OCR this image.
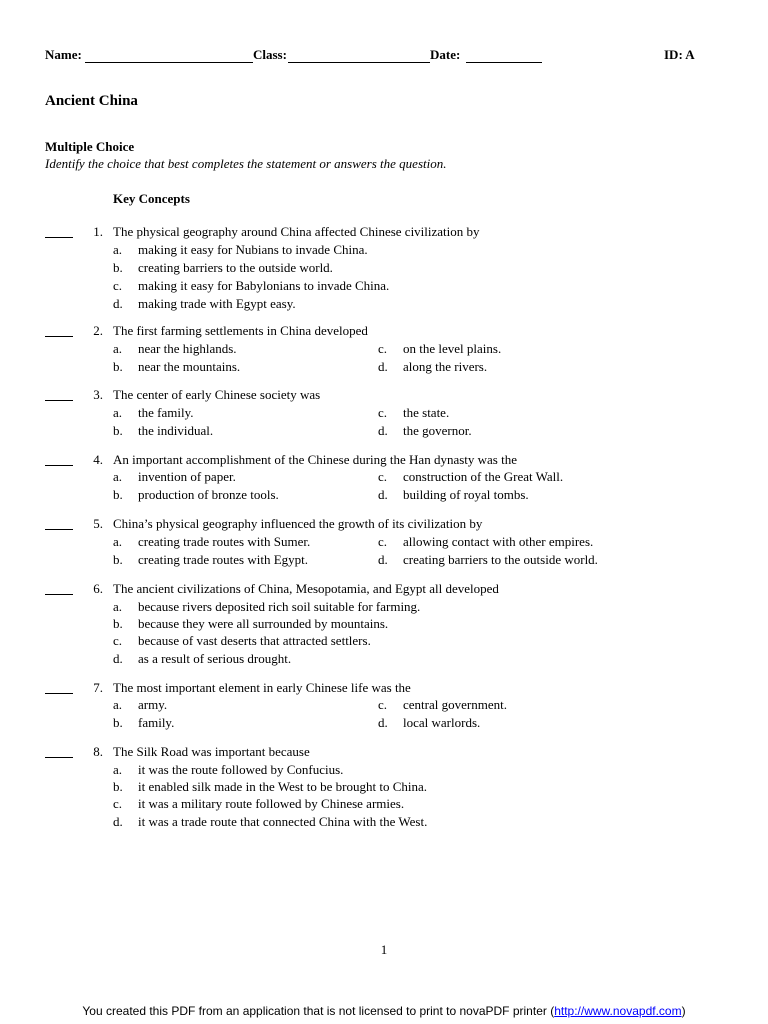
Name:	Class:	Date:	ID: A
Ancient China
Multiple Choice
Identify the choice that best completes the statement or answers the question.
Key Concepts
1. The physical geography around China affected Chinese civilization by
a. making it easy for Nubians to invade China.
b. creating barriers to the outside world.
c. making it easy for Babylonians to invade China.
d. making trade with Egypt easy.
2. The first farming settlements in China developed
a. near the highlands.
b. near the mountains.
c. on the level plains.
d. along the rivers.
3. The center of early Chinese society was
a. the family.
b. the individual.
c. the state.
d. the governor.
4. An important accomplishment of the Chinese during the Han dynasty was the
a. invention of paper.
b. production of bronze tools.
c. construction of the Great Wall.
d. building of royal tombs.
5. China’s physical geography influenced the growth of its civilization by
a. creating trade routes with Sumer.
b. creating trade routes with Egypt.
c. allowing contact with other empires.
d. creating barriers to the outside world.
6. The ancient civilizations of China, Mesopotamia, and Egypt all developed
a. because rivers deposited rich soil suitable for farming.
b. because they were all surrounded by mountains.
c. because of vast deserts that attracted settlers.
d. as a result of serious drought.
7. The most important element in early Chinese life was the
a. army.
b. family.
c. central government.
d. local warlords.
8. The Silk Road was important because
a. it was the route followed by Confucius.
b. it enabled silk made in the West to be brought to China.
c. it was a military route followed by Chinese armies.
d. it was a trade route that connected China with the West.
1
You created this PDF from an application that is not licensed to print to novaPDF printer (http://www.novapdf.com)
